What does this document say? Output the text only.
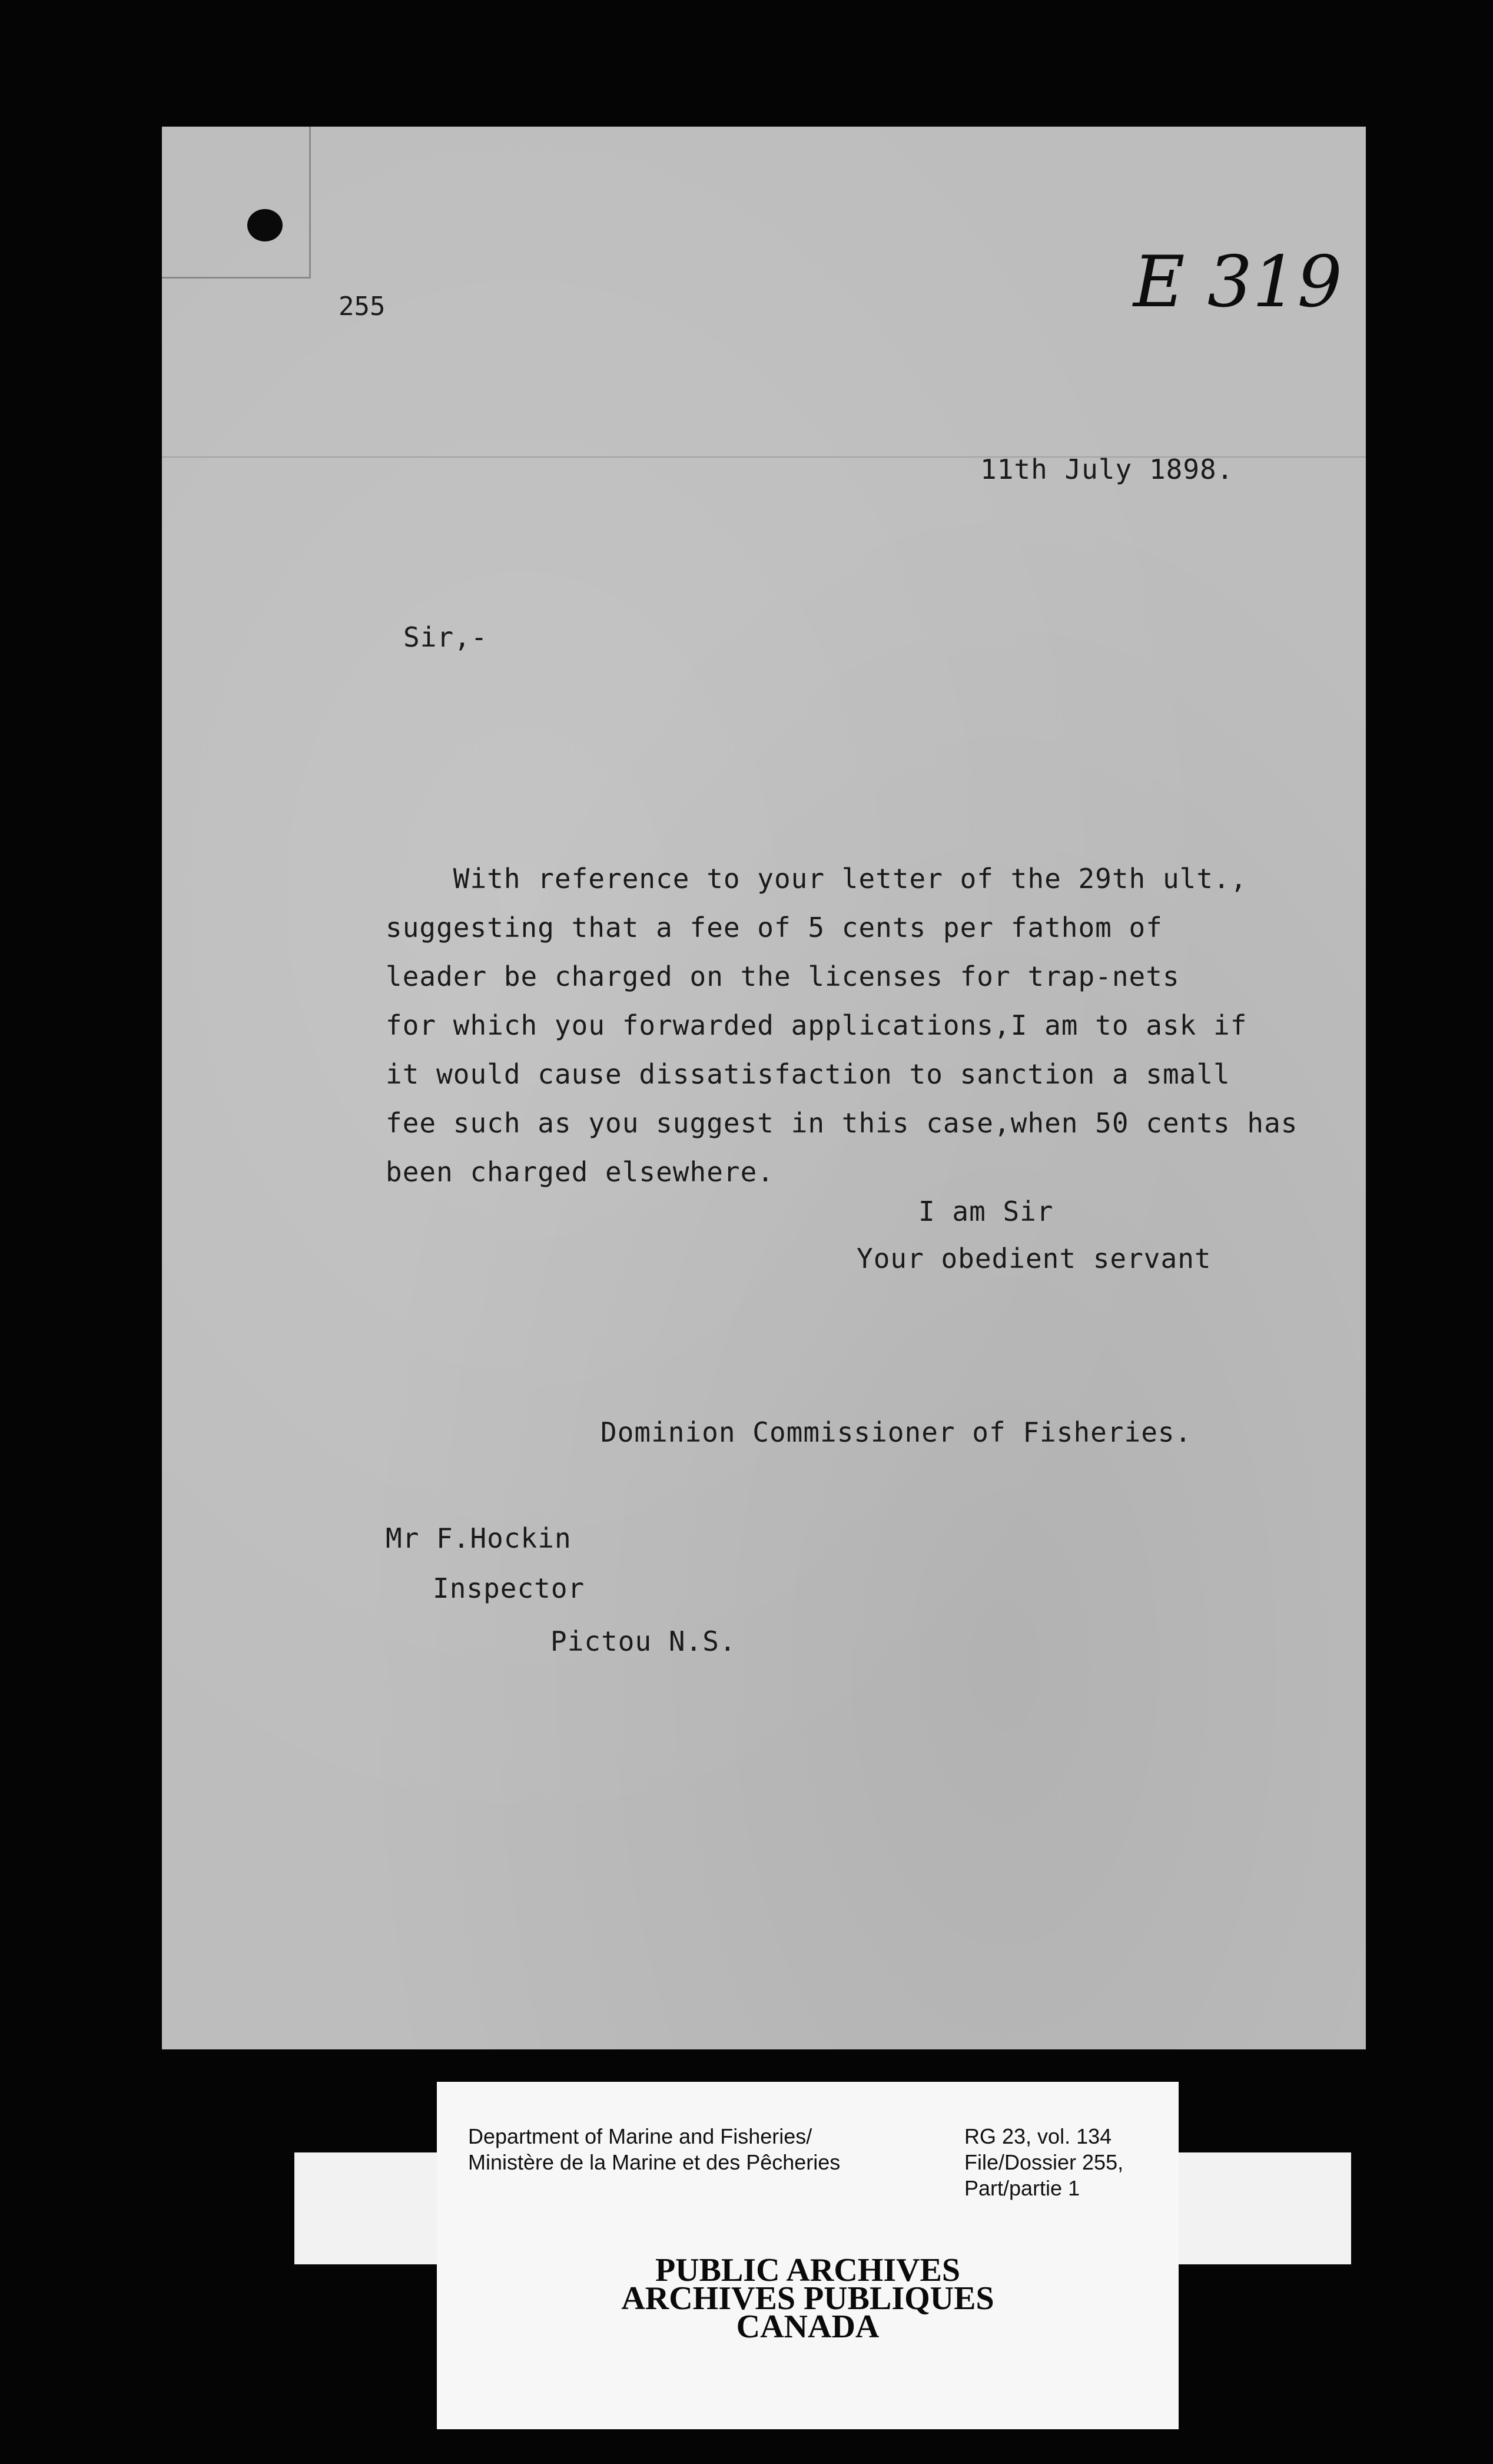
255	E 319
11th July 1898.
Sir,-
With reference to your letter of the 29th ult.,
suggesting that a fee of 5 cents per fathom of
leader be charged on the licenses for trap-nets
for which you forwarded applications,I am to ask if
it would cause dissatisfaction to sanction a small
fee such as you suggest in this case,when 50 cents has
been charged elsewhere.
I am Sir
Your obedient servant
Dominion Commissioner of Fisheries.
Mr F.Hockin
Inspector
Pictou N.S.
Department of Marine and Fisheries/
Ministère de la Marine et des Pêcheries
RG 23, vol. 134
File/Dossier 255,
Part/partie 1
PUBLIC ARCHIVES
ARCHIVES PUBLIQUES
CANADA
